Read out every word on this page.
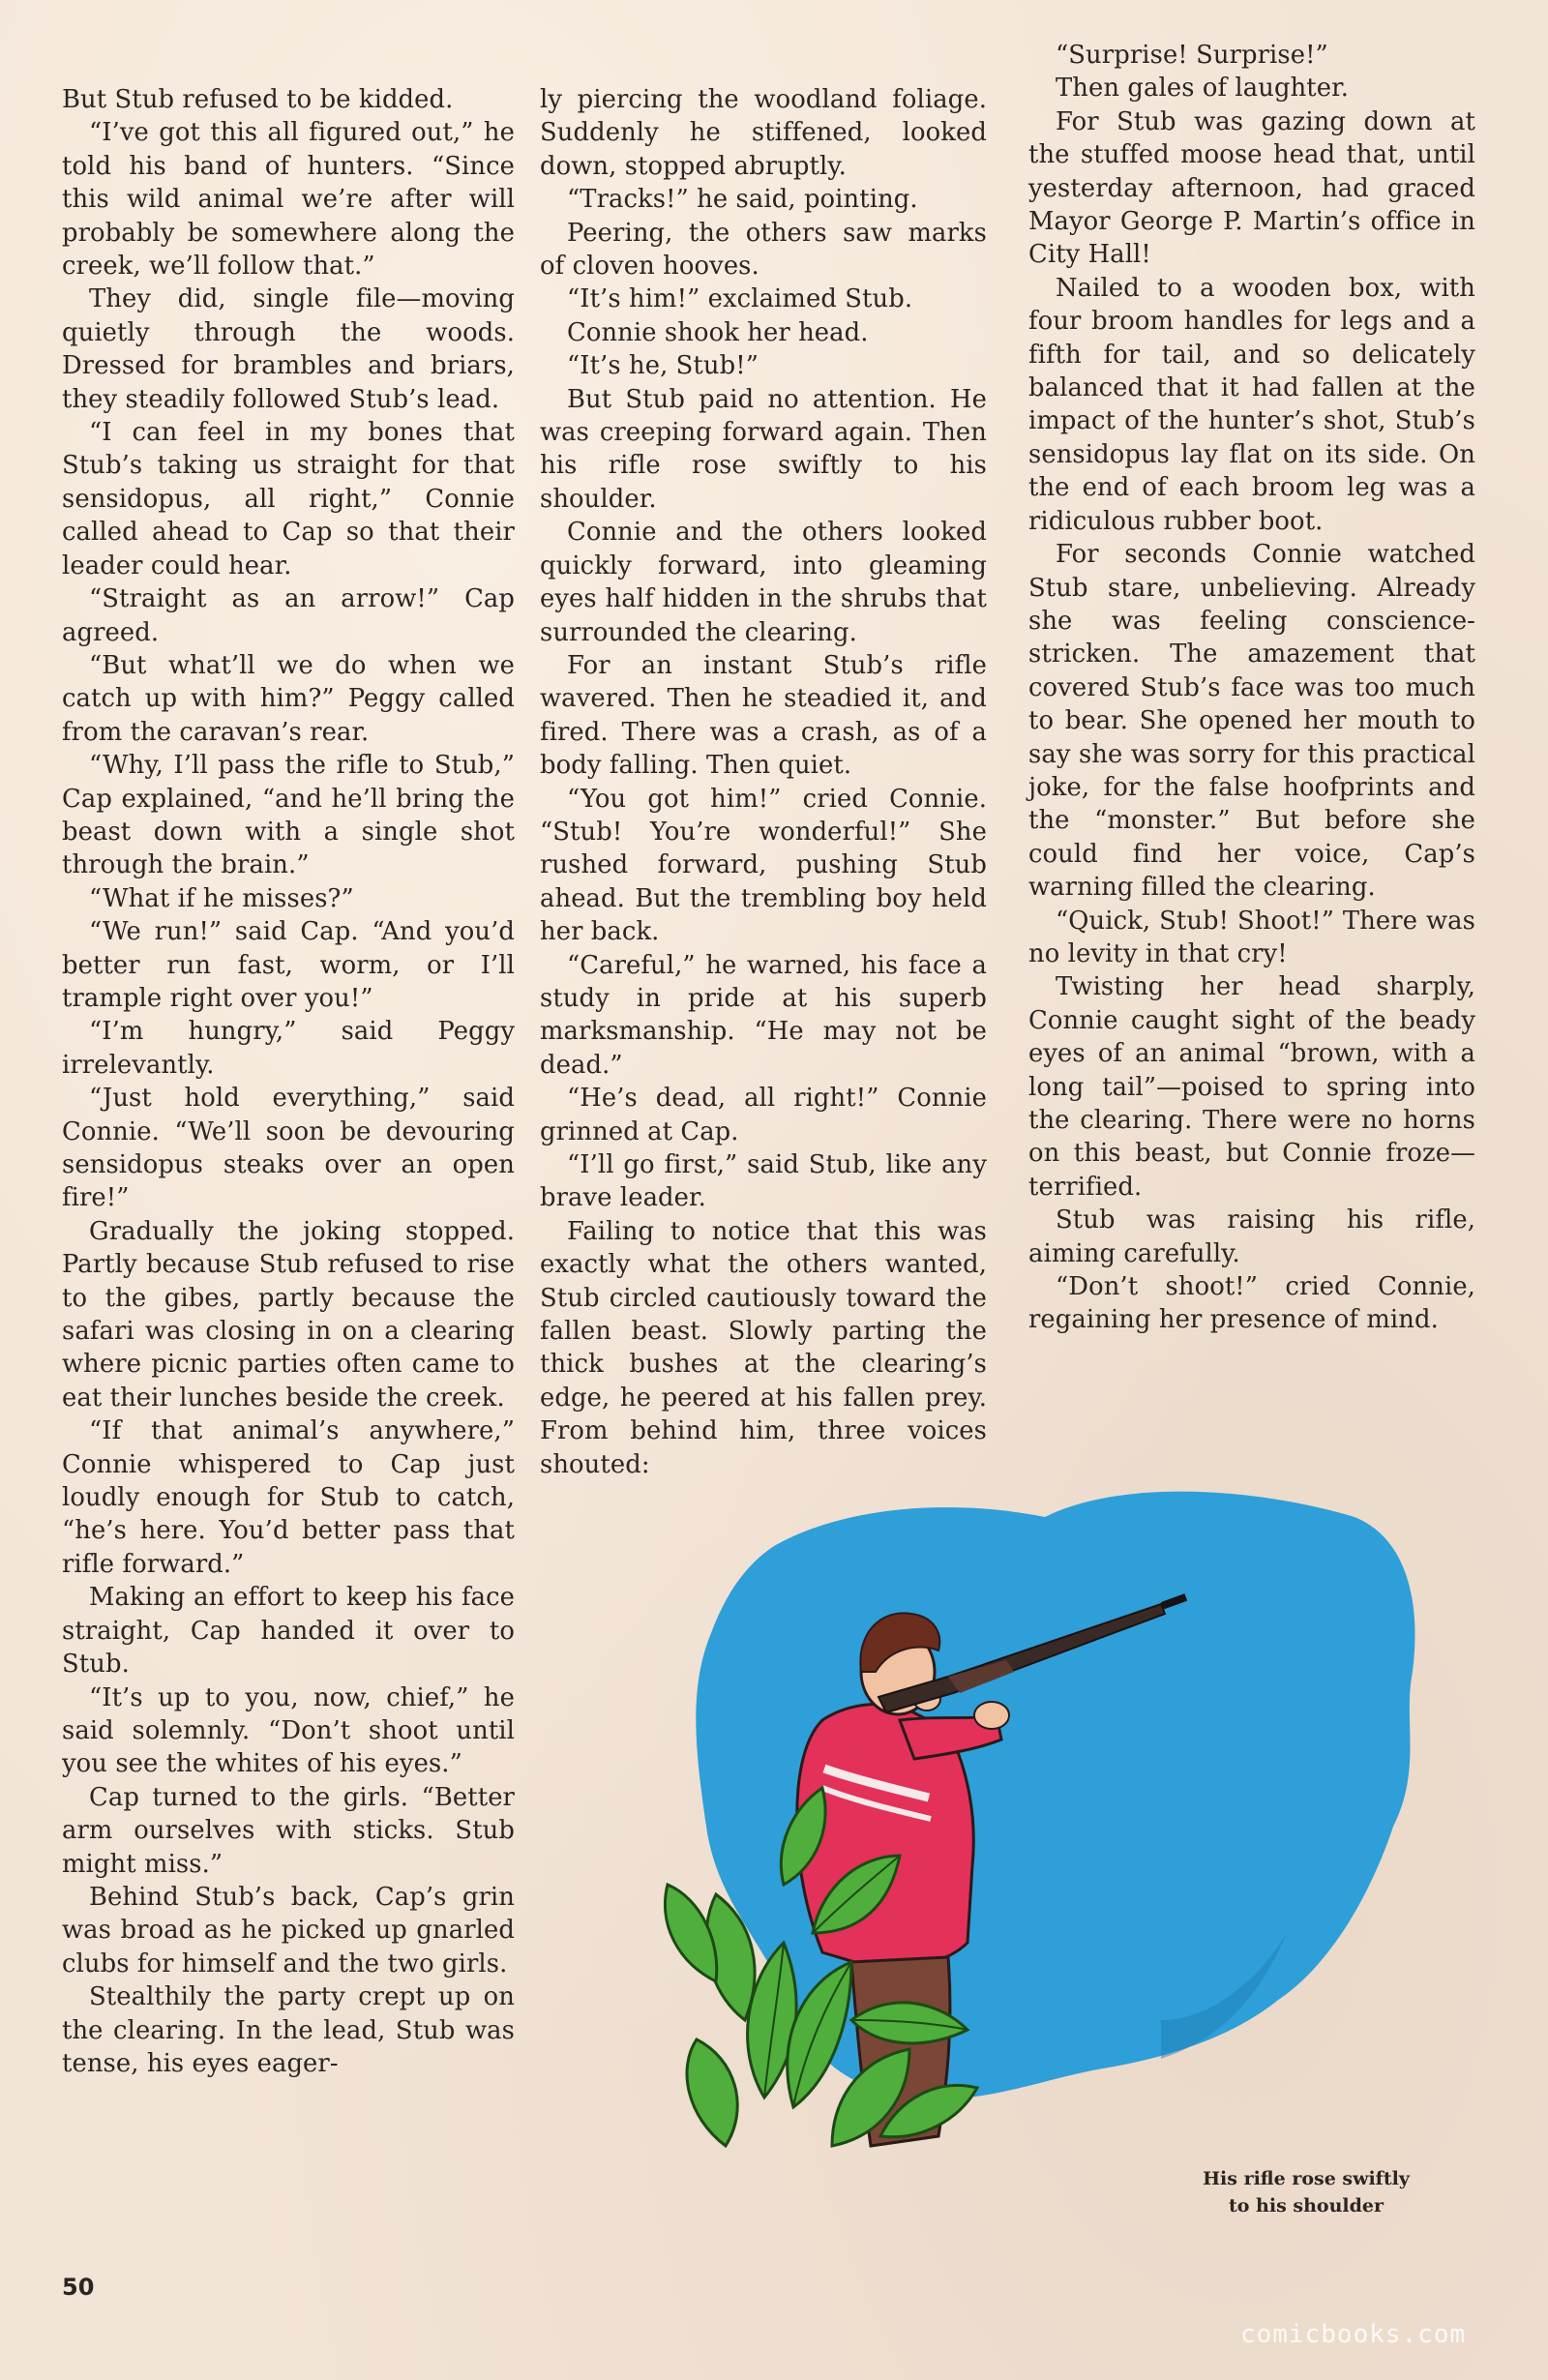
But Stub refused to be kidded.

“I’ve got this all figured out,” he told his band of hunters. “Since this wild animal we’re after will probably be somewhere along the creek, we’ll follow that.”

They did, single file—moving quietly through the woods. Dressed for brambles and briars, they steadily followed Stub’s lead.

“I can feel in my bones that Stub’s taking us straight for that sensidopus, all right,” Connie called ahead to Cap so that their leader could hear.

“Straight as an arrow!” Cap agreed.

“But what’ll we do when we catch up with him?” Peggy called from the caravan’s rear.

“Why, I’ll pass the rifle to Stub,” Cap explained, “and he’ll bring the beast down with a single shot through the brain.”

“What if he misses?”

“We run!” said Cap. “And you’d better run fast, worm, or I’ll trample right over you!”

“I’m hungry,” said Peggy irrelevantly.

“Just hold everything,” said Connie. “We’ll soon be devouring sensidopus steaks over an open fire!”

Gradually the joking stopped. Partly because Stub refused to rise to the gibes, partly because the safari was closing in on a clearing where picnic parties often came to eat their lunches beside the creek.

“If that animal’s anywhere,” Connie whispered to Cap just loudly enough for Stub to catch, “he’s here. You’d better pass that rifle forward.”

Making an effort to keep his face straight, Cap handed it over to Stub.

“It’s up to you, now, chief,” he said solemnly. “Don’t shoot until you see the whites of his eyes.”

Cap turned to the girls. “Better arm ourselves with sticks. Stub might miss.”

Behind Stub’s back, Cap’s grin was broad as he picked up gnarled clubs for himself and the two girls.

Stealthily the party crept up on the clearing. In the lead, Stub was tense, his eyes eager-

ly piercing the woodland foliage. Suddenly he stiffened, looked down, stopped abruptly.

“Tracks!” he said, pointing.

Peering, the others saw marks of cloven hooves.

“It’s him!” exclaimed Stub.

Connie shook her head.

“It’s he, Stub!”

But Stub paid no attention. He was creeping forward again. Then his rifle rose swiftly to his shoulder.

Connie and the others looked quickly forward, into gleaming eyes half hidden in the shrubs that surrounded the clearing.

For an instant Stub’s rifle wavered. Then he steadied it, and fired. There was a crash, as of a body falling. Then quiet.

“You got him!” cried Connie. “Stub! You’re wonderful!” She rushed forward, pushing Stub ahead. But the trembling boy held her back.

“Careful,” he warned, his face a study in pride at his superb marksmanship. “He may not be dead.”

“He’s dead, all right!” Connie grinned at Cap.

“I’ll go first,” said Stub, like any brave leader.

Failing to notice that this was exactly what the others wanted, Stub circled cautiously toward the fallen beast. Slowly parting the thick bushes at the clearing’s edge, he peered at his fallen prey. From behind him, three voices shouted:

“Surprise! Surprise!”

Then gales of laughter.

For Stub was gazing down at the stuffed moose head that, until yesterday afternoon, had graced Mayor George P. Martin’s office in City Hall!

Nailed to a wooden box, with four broom handles for legs and a fifth for tail, and so delicately balanced that it had fallen at the impact of the hunter’s shot, Stub’s sensidopus lay flat on its side. On the end of each broom leg was a ridiculous rubber boot.

For seconds Connie watched Stub stare, unbelieving. Already she was feeling conscience-stricken. The amazement that covered Stub’s face was too much to bear. She opened her mouth to say she was sorry for this practical joke, for the false hoofprints and the “monster.” But before she could find her voice, Cap’s warning filled the clearing.

“Quick, Stub! Shoot!” There was no levity in that cry!

Twisting her head sharply, Connie caught sight of the beady eyes of an animal “brown, with a long tail”—poised to spring into the clearing. There were no horns on this beast, but Connie froze—terrified.

Stub was raising his rifle, aiming carefully.

“Don’t shoot!” cried Connie, regaining her presence of mind.

His rifle rose swiftly
to his shoulder
50
comicbooks.com
